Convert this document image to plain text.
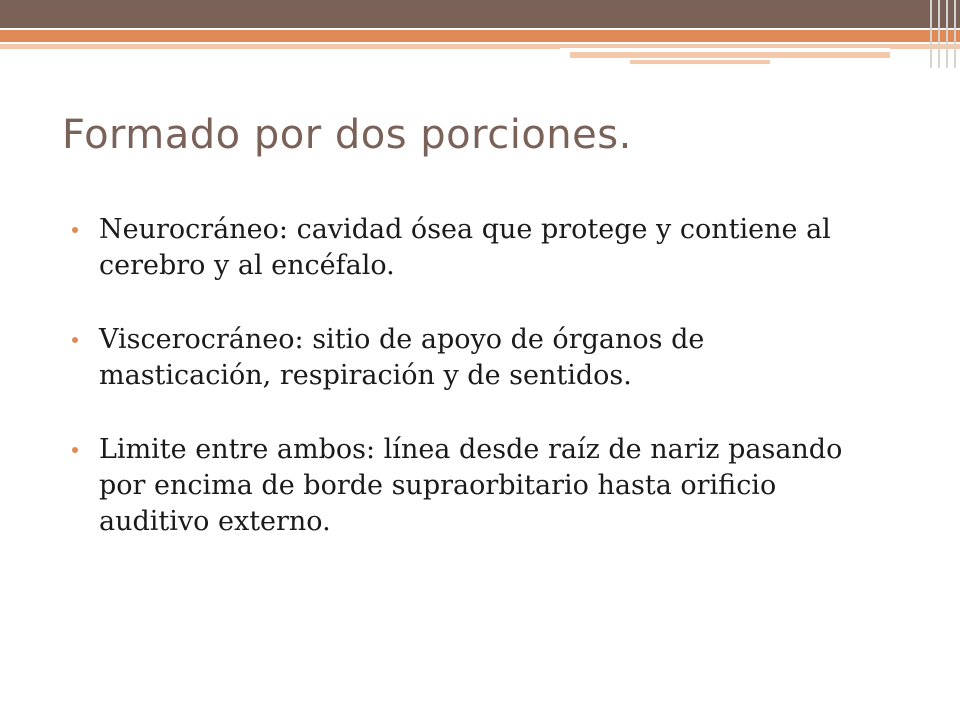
Formado por dos porciones.
Neurocráneo: cavidad ósea que protege y contiene al cerebro y al encéfalo.
Viscerocráneo: sitio de apoyo de órganos de masticación, respiración y de sentidos.
Limite entre ambos: línea desde raíz de nariz pasando por encima de borde supraorbitario hasta orificio auditivo externo.
